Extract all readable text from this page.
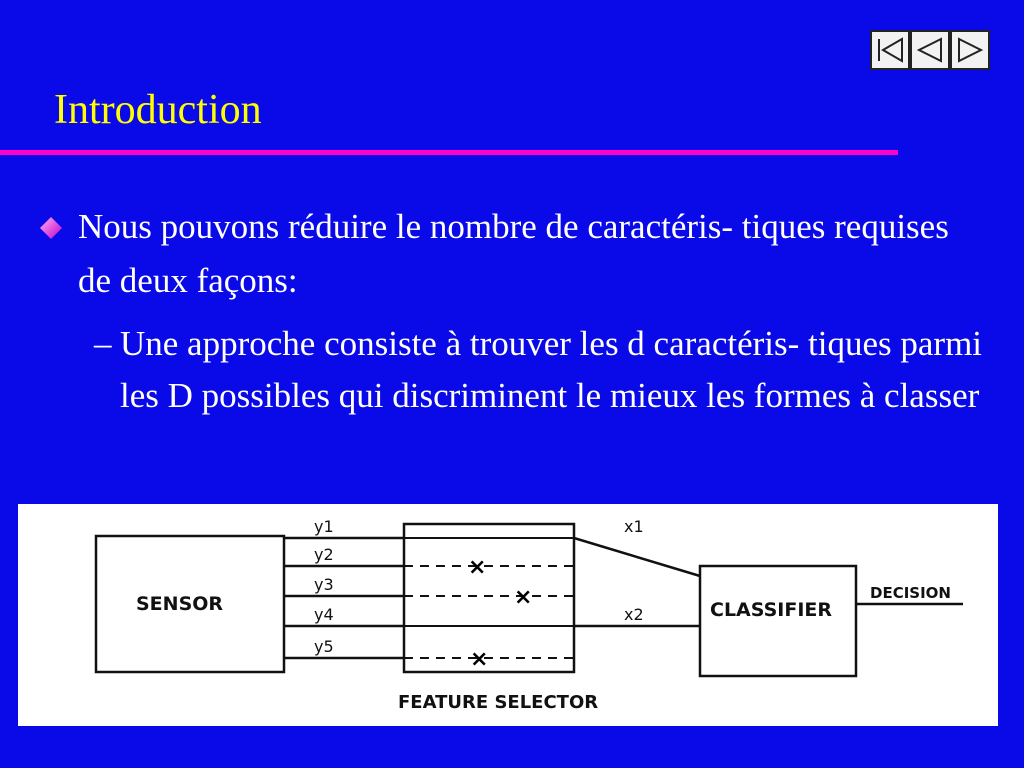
Introduction
Nous pouvons réduire le nombre de caractéris- tiques requises de deux façons:
– Une approche consiste à trouver les d caractéris- tiques parmi les D possibles qui discriminent le mieux les formes à classer
×
×
×
SENSOR	CLASSIFIER
DECISION
FEATURE SELECTOR
y1
y2
y3
y4
y5
x1
x2
